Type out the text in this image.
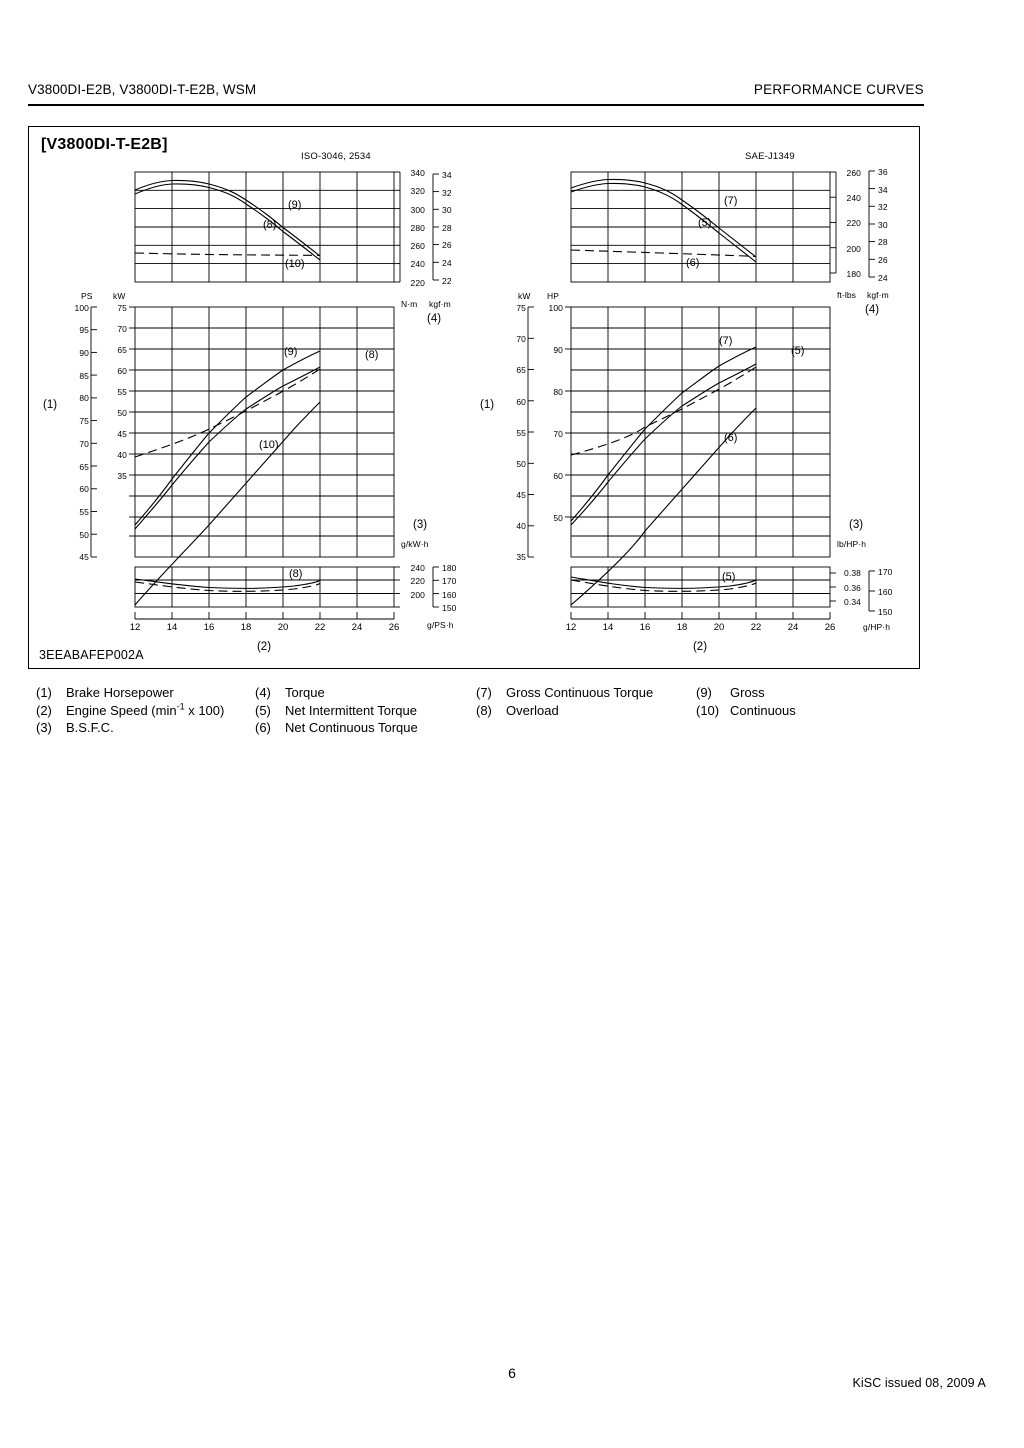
V3800DI-E2B, V3800DI-T-E2B, WSM	PERFORMANCE CURVES
[V3800DI-T-E2B]
3EEABAFEP002A
ISO-3046, 2534
340
320
300
280
260
240
220
N·m
34
32
30
28
26
24
22
kgf·m
(4)
PS
100
95
90
85
80
75
70
65
60
55
50
45
kW
75
70
65
60
55
50
45
40
35
(1)
(3)
g/kW·h
240
220
200
180
170
160
150
g/PS·h
12	14	16	18	20	22	24	26
(2)
(9)
(8)
(10)
(9)	(8)
(10)
(8)
SAE-J1349
260
240
220
200
180
ft-lbs
36
34
32
30
28
26
24
kgf·m
(4)
kW
75
70
65
60
55
50
45
40
35
(1)
HP
100
90
80
70
60
50
(3)
lb/HP·h
0.38
0.36
0.34
170
160
150
g/HP·h
12	14	16	18	20	22	24	26
(2)
(7)
(5)
(6)
(7)
(5)
(6)
(5)
(1) Brake Horsepower
(2) Engine Speed ($\min^{-1}$ x 100)
(3) B.S.F.C.
(4) Torque
(5) Net Intermittent Torque
(6) Net Continuous Torque
(7) Gross Continuous Torque
(8) Overload
(9) Gross
(10) Continuous
6
KiSC issued 08, 2009 A
